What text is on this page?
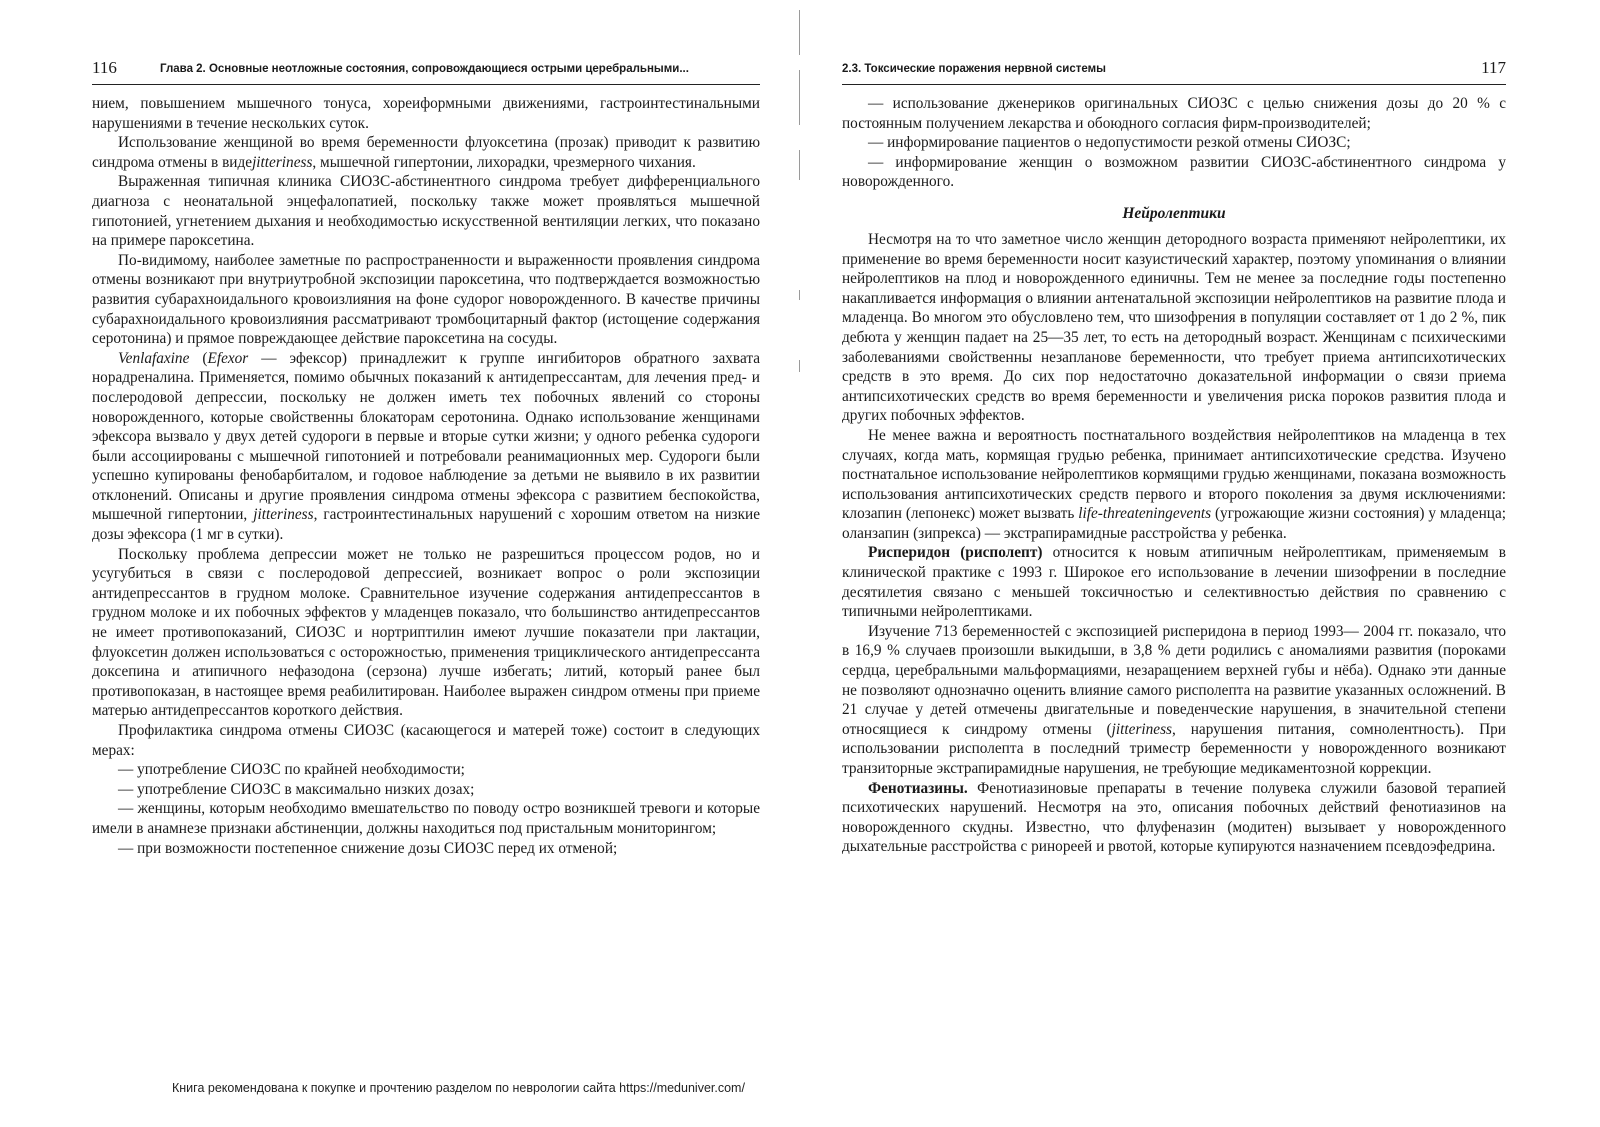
116	Глава 2. Основные неотложные состояния, сопровождающиеся острыми церебральными...

нием, повышением мышечного тонуса, хореиформными движениями, гастроинтестинальными нарушениями в течение нескольких суток.

Использование женщиной во время беременности флуоксетина (прозак) приводит к развитию синдрома отмены в видеjitteriness, мышечной гипертонии, лихорадки, чрезмерного чихания.

Выраженная типичная клиника СИОЗС-абстинентного синдрома требует дифференциального диагноза с неонатальной энцефалопатией, поскольку также может проявляться мышечной гипотонией, угнетением дыхания и необходимостью искусственной вентиляции легких, что показано на примере пароксетина.

По-видимому, наиболее заметные по распространенности и выраженности проявления синдрома отмены возникают при внутриутробной экспозиции пароксетина, что подтверждается возможностью развития субарахноидального кровоизлияния на фоне судорог новорожденного. В качестве причины субарахноидального кровоизлияния рассматривают тромбоцитарный фактор (истощение содержания серотонина) и прямое повреждающее действие пароксетина на сосуды.

Venlafaxine (Efexor — эфексор) принадлежит к группе ингибиторов обратного захвата норадреналина. Применяется, помимо обычных показаний к антидепрессантам, для лечения пред- и послеродовой депрессии, поскольку не должен иметь тех побочных явлений со стороны новорожденного, которые свойственны блокаторам серотонина. Однако использование женщинами эфексора вызвало у двух детей судороги в первые и вторые сутки жизни; у одного ребенка судороги были ассоциированы с мышечной гипотонией и потребовали реанимационных мер. Судороги были успешно купированы фенобарбиталом, и годовое наблюдение за детьми не выявило в их развитии отклонений. Описаны и другие проявления синдрома отмены эфексора с развитием беспокойства, мышечной гипертонии, jitteriness, гастроинтестинальных нарушений с хорошим ответом на низкие дозы эфексора (1 мг в сутки).

Поскольку проблема депрессии может не только не разрешиться процессом родов, но и усугубиться в связи с послеродовой депрессией, возникает вопрос о роли экспозиции антидепрессантов в грудном молоке. Сравнительное изучение содержания антидепрессантов в грудном молоке и их побочных эффектов у младенцев показало, что большинство антидепрессантов не имеет противопоказаний, СИОЗС и нортриптилин имеют лучшие показатели при лактации, флуоксетин должен использоваться с осторожностью, применения трициклического антидепрессанта доксепина и атипичного нефазодона (серзона) лучше избегать; литий, который ранее был противопоказан, в настоящее время реабилитирован. Наиболее выражен синдром отмены при приеме матерью антидепрессантов короткого действия.

Профилактика синдрома отмены СИОЗС (касающегося и матерей тоже) состоит в следующих мерах:

— употребление СИОЗС по крайней необходимости;

— употребление СИОЗС в максимально низких дозах;

— женщины, которым необходимо вмешательство по поводу остро возникшей тревоги и которые имели в анамнезе признаки абстиненции, должны находиться под пристальным мониторингом;

— при возможности постепенное снижение дозы СИОЗС перед их отменой;

2.3. Токсические поражения нервной системы	117

— использование дженериков оригинальных СИОЗС с целью снижения дозы до 20 % с постоянным получением лекарства и обоюдного согласия фирм-производителей;

— информирование пациентов о недопустимости резкой отмены СИОЗС;

— информирование женщин о возможном развитии СИОЗС-абстинентного синдрома у новорожденного.

Нейролептики

Несмотря на то что заметное число женщин детородного возраста применяют нейролептики, их применение во время беременности носит казуистический характер, поэтому упоминания о влиянии нейролептиков на плод и новорожденного единичны. Тем не менее за последние годы постепенно накапливается информация о влиянии антенатальной экспозиции нейролептиков на развитие плода и младенца. Во многом это обусловлено тем, что шизофрения в популяции составляет от 1 до 2 %, пик дебюта у женщин падает на 25—35 лет, то есть на детородный возраст. Женщинам с психическими заболеваниями свойственны незапланове беременности, что требует приема антипсихотических средств в это время. До сих пор недостаточно доказательной информации о связи приема антипсихотических средств во время беременности и увеличения риска пороков развития плода и других побочных эффектов.

Не менее важна и вероятность постнатального воздействия нейролептиков на младенца в тех случаях, когда мать, кормящая грудью ребенка, принимает антипсихотические средства. Изучено постнатальное использование нейролептиков кормящими грудью женщинами, показана возможность использования антипсихотических средств первого и второго поколения за двумя исключениями: клозапин (лепонекс) может вызвать life-threateningevents (угрожающие жизни состояния) у младенца; оланзапин (зипрекса) — экстрапирамидные расстройства у ребенка.

Рисперидон (рисполепт) относится к новым атипичным нейролептикам, применяемым в клинической практике с 1993 г. Широкое его использование в лечении шизофрении в последние десятилетия связано с меньшей токсичностью и селективностью действия по сравнению с типичными нейролептиками.

Изучение 713 беременностей с экспозицией рисперидона в период 1993— 2004 гг. показало, что в 16,9 % случаев произошли выкидыши, в 3,8 % дети родились с аномалиями развития (пороками сердца, церебральными мальформациями, незаращением верхней губы и нёба). Однако эти данные не позволяют однозначно оценить влияние самого рисполепта на развитие указанных осложнений. В 21 случае у детей отмечены двигательные и поведенческие нарушения, в значительной степени относящиеся к синдрому отмены (jitteriness, нарушения питания, сомнолентность). При использовании рисполепта в последний триместр беременности у новорожденного возникают транзиторные экстрапирамидные нарушения, не требующие медикаментозной коррекции.

Фенотиазины. Фенотиазиновые препараты в течение полувека служили базовой терапией психотических нарушений. Несмотря на это, описания побочных действий фенотиазинов на новорожденного скудны. Известно, что флуфеназин (модитен) вызывает у новорожденного дыхательные расстройства с ринореей и рвотой, которые купируются назначением псевдоэфедрина.

Книга рекомендована к покупке и прочтению разделом по неврологии сайта https://meduniver.com/
